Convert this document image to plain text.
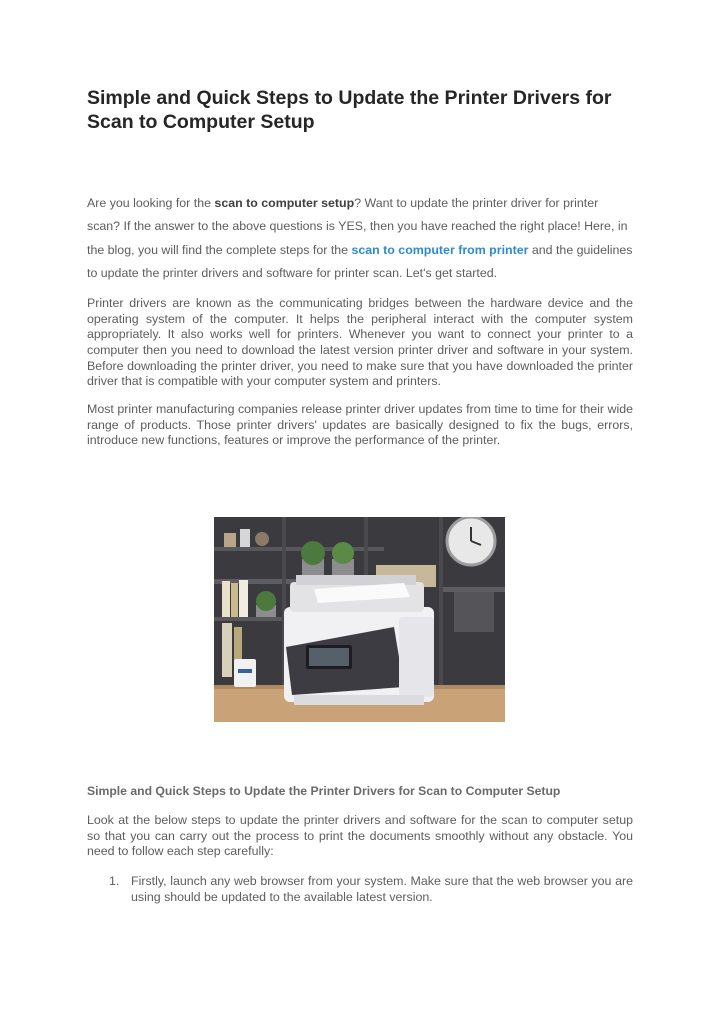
Simple and Quick Steps to Update the Printer Drivers for Scan to Computer Setup
Are you looking for the scan to computer setup? Want to update the printer driver for printer scan? If the answer to the above questions is YES, then you have reached the right place! Here, in the blog, you will find the complete steps for the scan to computer from printer and the guidelines to update the printer drivers and software for printer scan. Let's get started.

Printer drivers are known as the communicating bridges between the hardware device and the operating system of the computer. It helps the peripheral interact with the computer system appropriately. It also works well for printers. Whenever you want to connect your printer to a computer then you need to download the latest version printer driver and software in your system. Before downloading the printer driver, you need to make sure that you have downloaded the printer driver that is compatible with your computer system and printers.

Most printer manufacturing companies release printer driver updates from time to time for their wide range of products. Those printer drivers' updates are basically designed to fix the bugs, errors, introduce new functions, features or improve the performance of the printer.

Simple and Quick Steps to Update the Printer Drivers for Scan to Computer Setup

Look at the below steps to update the printer drivers and software for the scan to computer setup so that you can carry out the process to print the documents smoothly without any obstacle. You need to follow each step carefully:

1. Firstly, launch any web browser from your system. Make sure that the web browser you are using should be updated to the available latest version.
